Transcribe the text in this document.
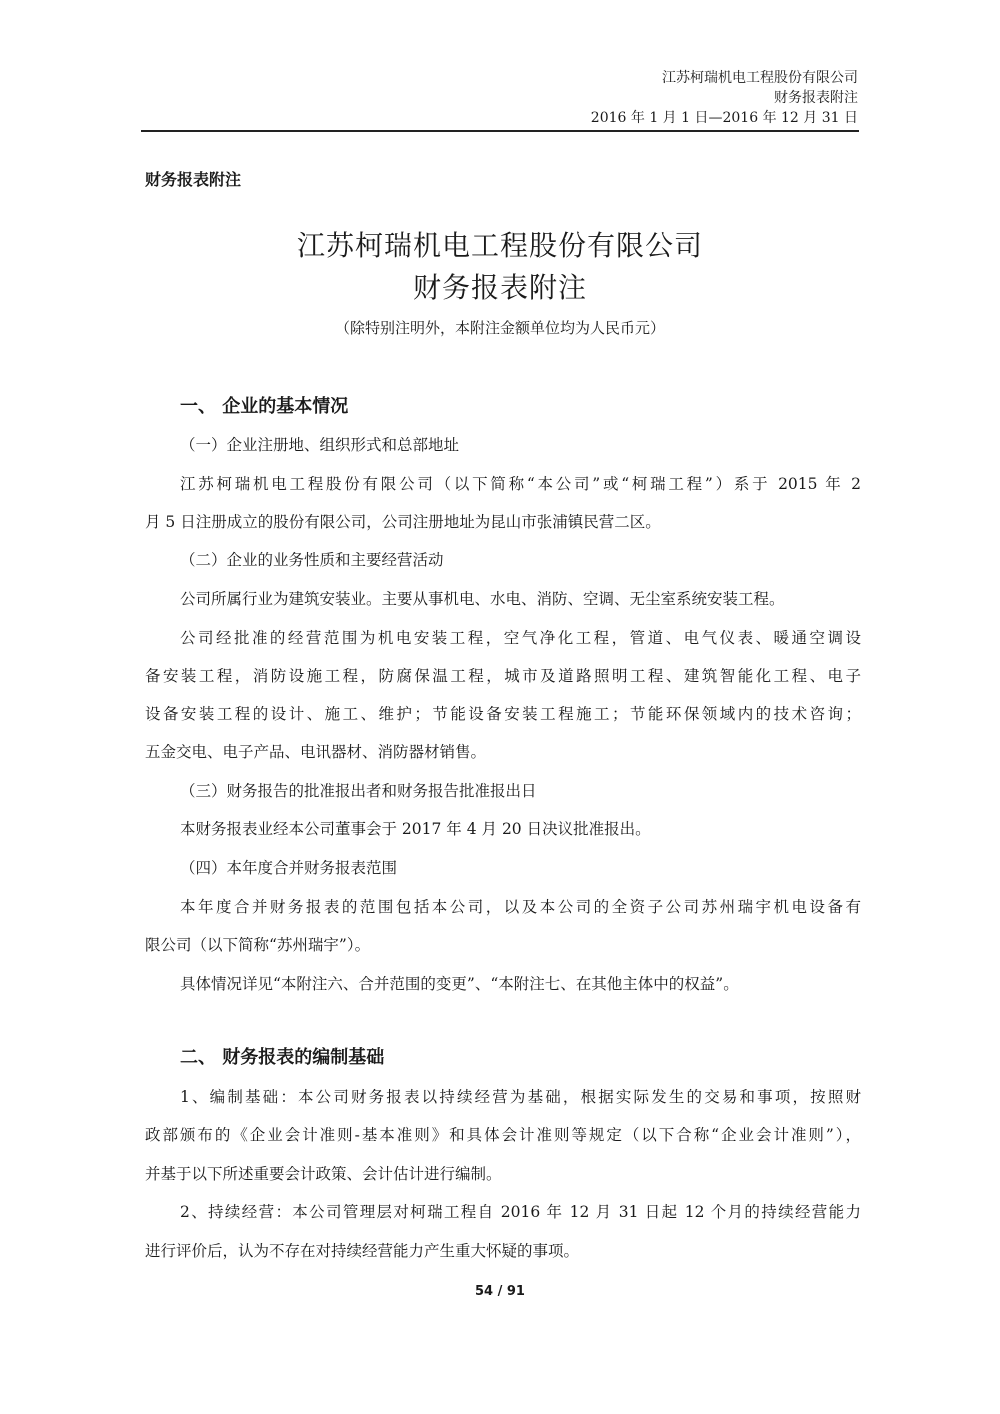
江苏柯瑞机电工程股份有限公司
财务报表附注
2016 年 1 月 1 日—2016 年 12 月 31 日
财务报表附注
江苏柯瑞机电工程股份有限公司
财务报表附注
（除特别注明外，本附注金额单位均为人民币元）
一、 企业的基本情况
（一）企业注册地、组织形式和总部地址
江苏柯瑞机电工程股份有限公司（以下简称“本公司”或“柯瑞工程”）系于 2015 年 2
月 5 日注册成立的股份有限公司，公司注册地址为昆山市张浦镇民营二区。
（二）企业的业务性质和主要经营活动
公司所属行业为建筑安装业。主要从事机电、水电、消防、空调、无尘室系统安装工程。
公司经批准的经营范围为机电安装工程，空气净化工程，管道、电气仪表、暖通空调设
备安装工程，消防设施工程，防腐保温工程，城市及道路照明工程、建筑智能化工程、电子
设备安装工程的设计、施工、维护；节能设备安装工程施工；节能环保领域内的技术咨询；
五金交电、电子产品、电讯器材、消防器材销售。
（三）财务报告的批准报出者和财务报告批准报出日
本财务报表业经本公司董事会于 2017 年 4 月 20 日决议批准报出。
（四）本年度合并财务报表范围
本年度合并财务报表的范围包括本公司，以及本公司的全资子公司苏州瑞宇机电设备有
限公司（以下简称“苏州瑞宇”）。
具体情况详见“本附注六、合并范围的变更”、“本附注七、在其他主体中的权益”。
二、 财务报表的编制基础
1、编制基础：本公司财务报表以持续经营为基础，根据实际发生的交易和事项，按照财
政部颁布的《企业会计准则-基本准则》和具体会计准则等规定（以下合称“企业会计准则”），
并基于以下所述重要会计政策、会计估计进行编制。
2、持续经营：本公司管理层对柯瑞工程自 2016 年 12 月 31 日起 12 个月的持续经营能力
进行评价后，认为不存在对持续经营能力产生重大怀疑的事项。
54 / 91
